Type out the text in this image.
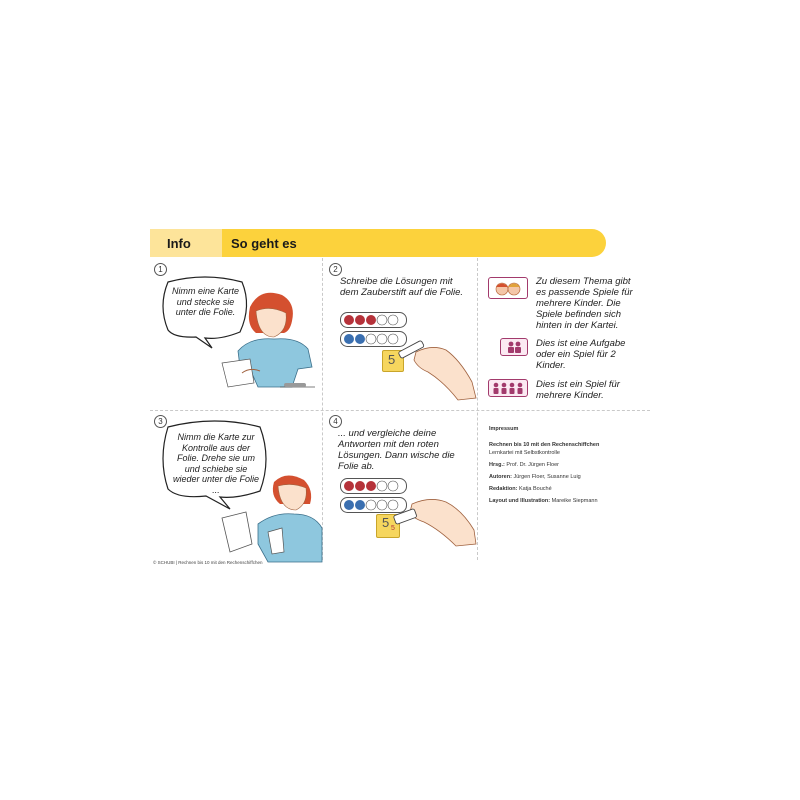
Info	So geht es
1
Nimm eine Karte und stecke sie unter die Folie.
2
Schreibe die Lösungen mit dem Zauberstift auf die Folie.
5
3
Nimm die Karte zur Kontrolle aus der Folie. Drehe sie um und schiebe sie wieder unter die Folie ...
© SCHUBI | Rechnen bis 10 mit den Rechenschiffchen
4
... und vergleiche deine Antworten mit den roten Lösungen. Dann wische die Folie ab.
5 5
Zu diesem Thema gibt es passende Spiele für mehrere Kinder. Die Spiele befinden sich hinten in der Kartei.
Dies ist eine Aufgabe oder ein Spiel für 2 Kinder.
Dies ist ein Spiel für mehrere Kinder.
Impressum
Rechnen bis 10 mit den Rechenschiffchen
Lernkartei mit Selbstkontrolle
Hrsg.: Prof. Dr. Jürgen Floer
Autoren: Jürgen Floer, Susanne Luig
Redaktion: Katja Bouché
Layout und Illustration: Mareike Siepmann
